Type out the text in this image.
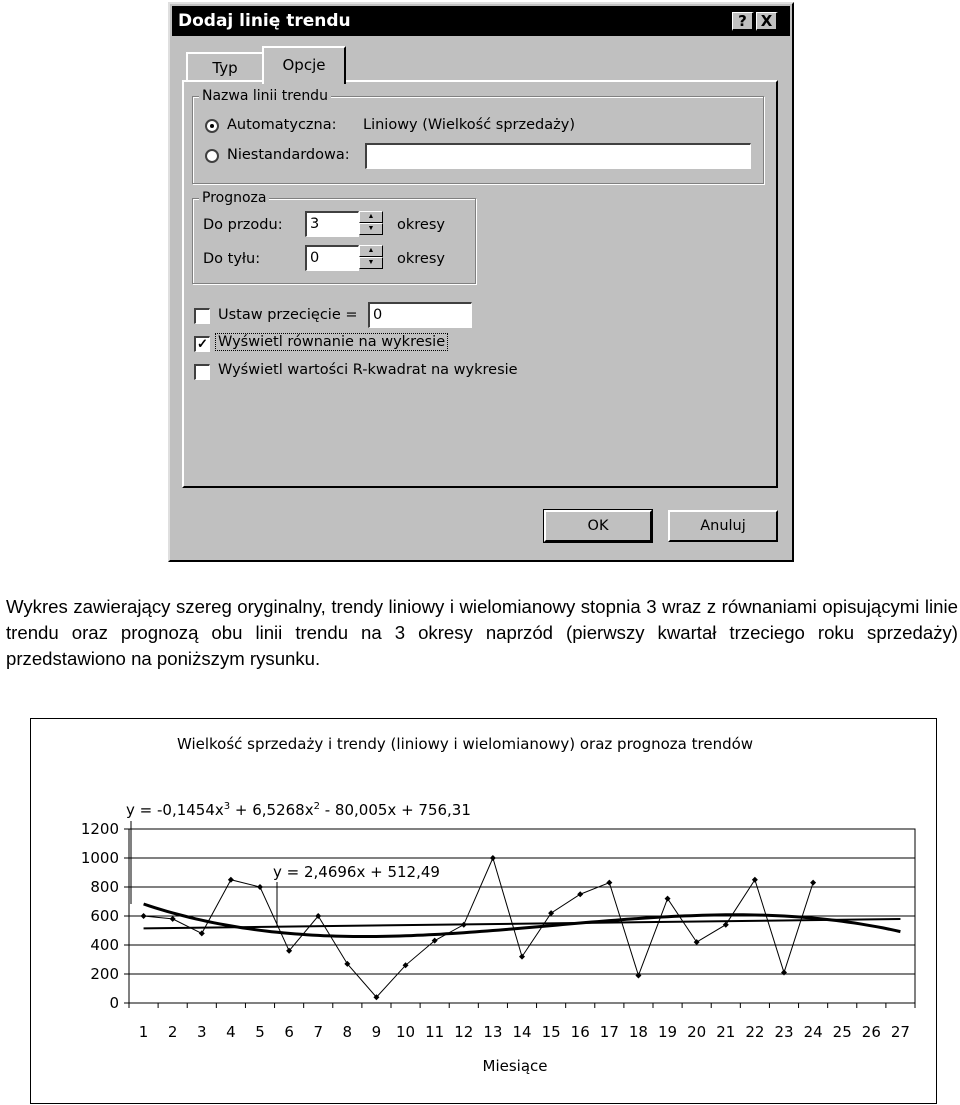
Dodaj linię trendu	? X
Typ	Opcje
Nazwa linii trendu
Automatyczna: Liniowy (Wielkość sprzedaży)
Niestandardowa:
Prognoza
Do przodu:	3	▲
▼	okresy
Do tyłu:	0	▲
▼	okresy
Ustaw przecięcie =	0
✓ Wyświetl równanie na wykresie
Wyświetl wartości R-kwadrat na wykresie
OK	Anuluj
Wykres zawierający szereg oryginalny, trendy liniowy i wielomianowy stopnia 3 wraz z równaniami opisującymi linie trendu oraz prognozą obu linii trendu na 3 okresy naprzód (pierwszy kwartał trzeciego roku sprzedaży) przedstawiono na poniższym rysunku.
Wielkość sprzedaży i trendy (liniowy i wielomianowy) oraz prognoza trendów
0
200
400
600
800
1000
1200
1 2 3 4 5 6 7 8 9 10 11 12 13 14 15 16 17 18 19 20 21 22 23 24 25 26 27
$y = -0,1454x^3 + 6,5268x^2 - 80,005x + 756,31$
y = 2,4696x + 512,49
Miesiące
